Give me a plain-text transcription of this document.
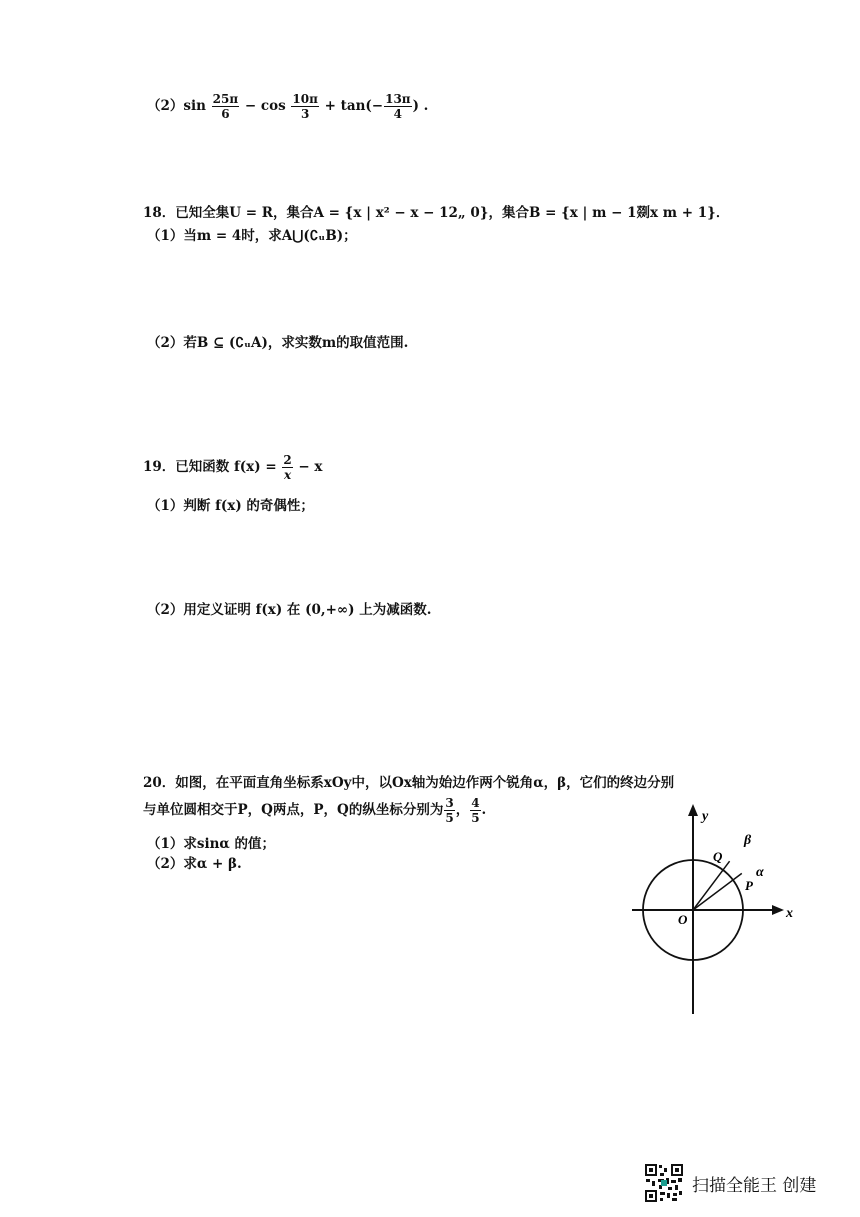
$(2)\sin \frac{25\pi}{6} - \cos \frac{10\pi}{3} + \tan(- \frac{13\pi}{4}$ ) .
18．已知全集U = R，集合A = {x | x² − x − 12„ 0}，集合B = {x | m − 1剟x m + 1}．
（1）当m = 4时，求A⋃(∁ᵤB)；
（2）若B ⊆ (∁ᵤA)，求实数m的取值范围.
19．已知函数 $f(x) = \frac{2}{x} - x$
（1）判断 f(x) 的奇偶性；
（2）用定义证明 f(x) 在 (0,+∞) 上为减函数.
20．如图，在平面直角坐标系xOy中，以Ox轴为始边作两个锐角α，β，它们的终边分别
与单位圆相交于P，Q两点，P，Q的纵坐标分别为 $\frac{3}{5}$ ， $\frac{4}{5}$ .
（1）求sinα 的值；
（2）求α + β.
y
x
O
β
α
Q
P
扫描全能王 创建
